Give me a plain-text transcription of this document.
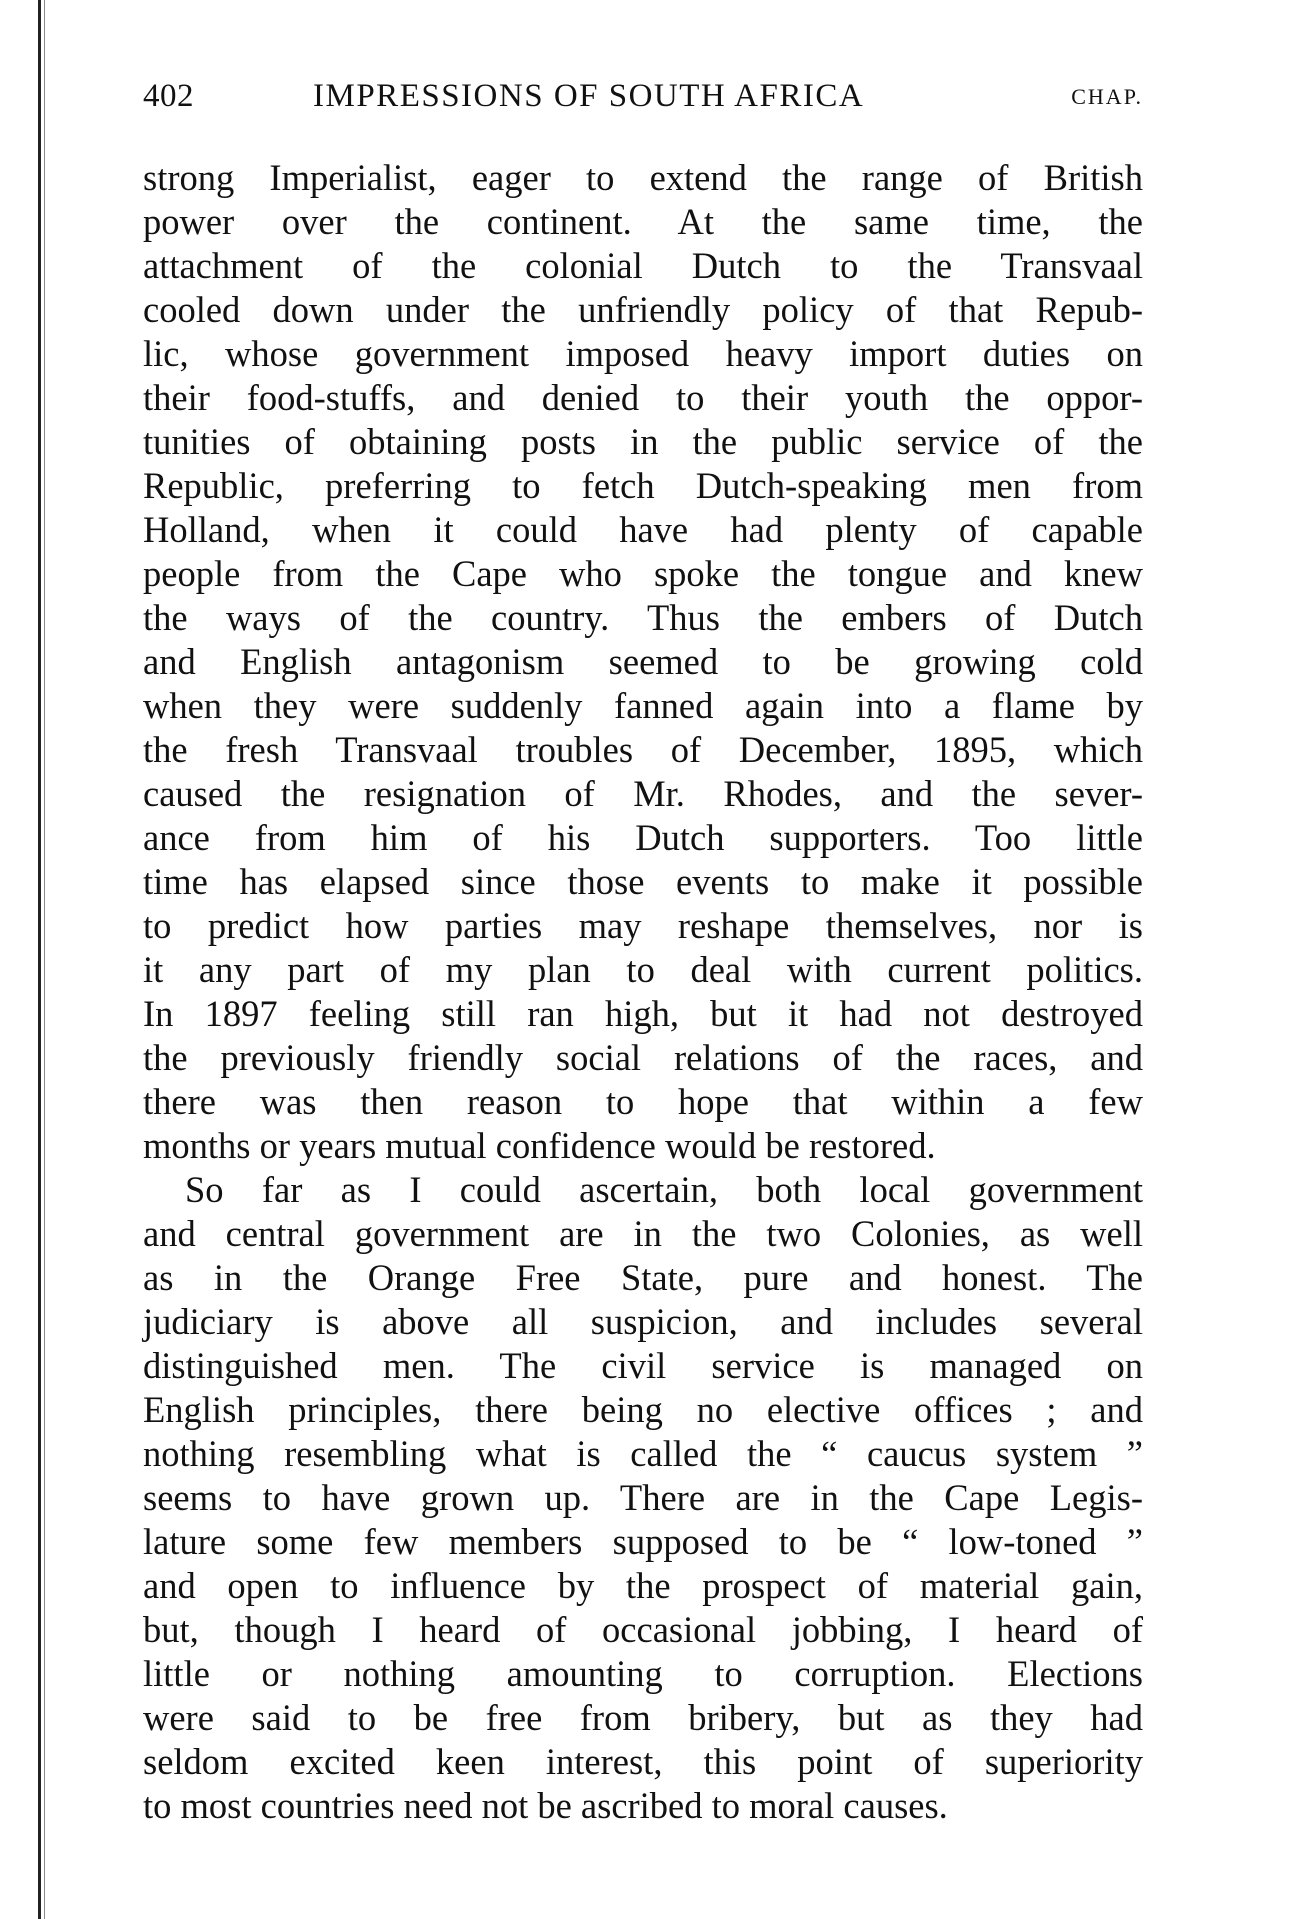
402	IMPRESSIONS OF SOUTH AFRICA	CHAP.
strong Imperialist, eager to extend the range of British
power over the continent. At the same time, the
attachment of the colonial Dutch to the Transvaal
cooled down under the unfriendly policy of that Repub-
lic, whose government imposed heavy import duties on
their food-stuffs, and denied to their youth the oppor-
tunities of obtaining posts in the public service of the
Republic, preferring to fetch Dutch-speaking men from
Holland, when it could have had plenty of capable
people from the Cape who spoke the tongue and knew
the ways of the country. Thus the embers of Dutch
and English antagonism seemed to be growing cold
when they were suddenly fanned again into a flame by
the fresh Transvaal troubles of December, 1895, which
caused the resignation of Mr. Rhodes, and the sever-
ance from him of his Dutch supporters. Too little
time has elapsed since those events to make it possible
to predict how parties may reshape themselves, nor is
it any part of my plan to deal with current politics.
In 1897 feeling still ran high, but it had not destroyed
the previously friendly social relations of the races, and
there was then reason to hope that within a few
months or years mutual confidence would be restored.
So far as I could ascertain, both local government
and central government are in the two Colonies, as well
as in the Orange Free State, pure and honest. The
judiciary is above all suspicion, and includes several
distinguished men. The civil service is managed on
English principles, there being no elective offices ; and
nothing resembling what is called the “ caucus system ”
seems to have grown up. There are in the Cape Legis-
lature some few members supposed to be “ low-toned ”
and open to influence by the prospect of material gain,
but, though I heard of occasional jobbing, I heard of
little or nothing amounting to corruption. Elections
were said to be free from bribery, but as they had
seldom excited keen interest, this point of superiority
to most countries need not be ascribed to moral causes.
